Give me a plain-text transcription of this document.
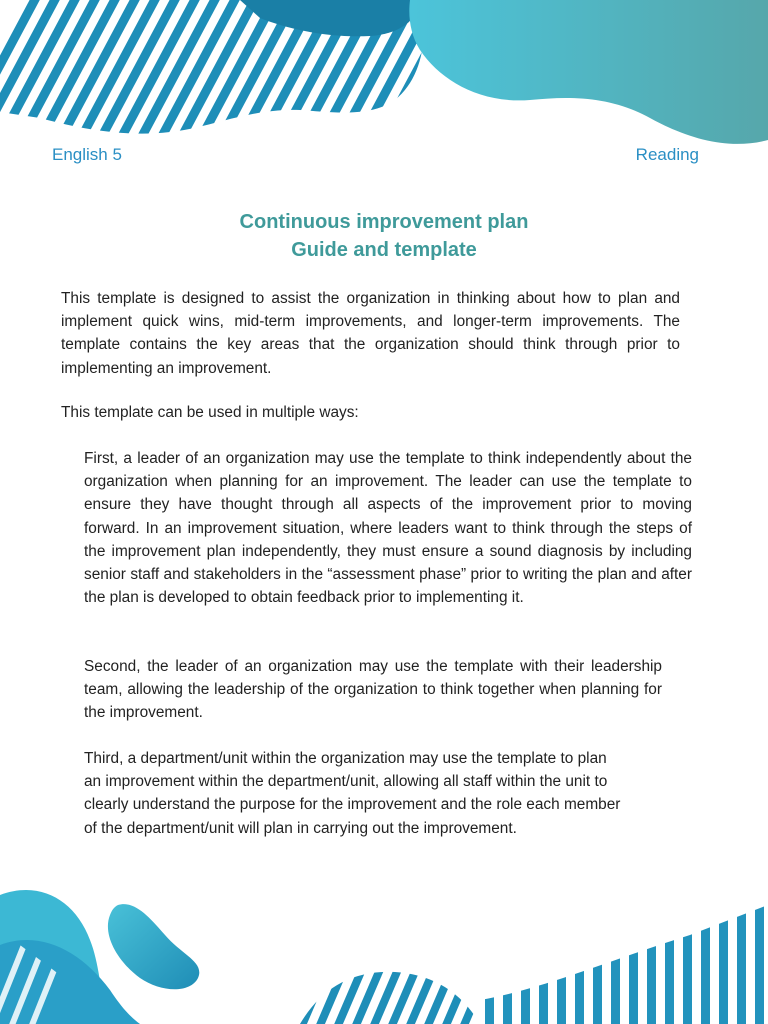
English 5	Reading
Continuous improvement plan
Guide and template
This template is designed to assist the organization in thinking about how to plan and implement quick wins, mid-term improvements, and longer-term improvements. The template contains the key areas that the organization should think through prior to implementing an improvement.
This template can be used in multiple ways:
First, a leader of an organization may use the template to think independently about the organization when planning for an improvement. The leader can use the template to ensure they have thought through all aspects of the improvement prior to moving forward. In an improvement situation, where leaders want to think through the steps of the improvement plan independently, they must ensure a sound diagnosis by including senior staff and stakeholders in the “assessment phase” prior to writing the plan and after the plan is developed to obtain feedback prior to implementing it.
Second, the leader of an organization may use the template with their leadership team, allowing the leadership of the organization to think together when planning for the improvement.
Third, a department/unit within the organization may use the template to plan an improvement within the department/unit, allowing all staff within the unit to clearly understand the purpose for the improvement and the role each member of the department/unit will plan in carrying out the improvement.
